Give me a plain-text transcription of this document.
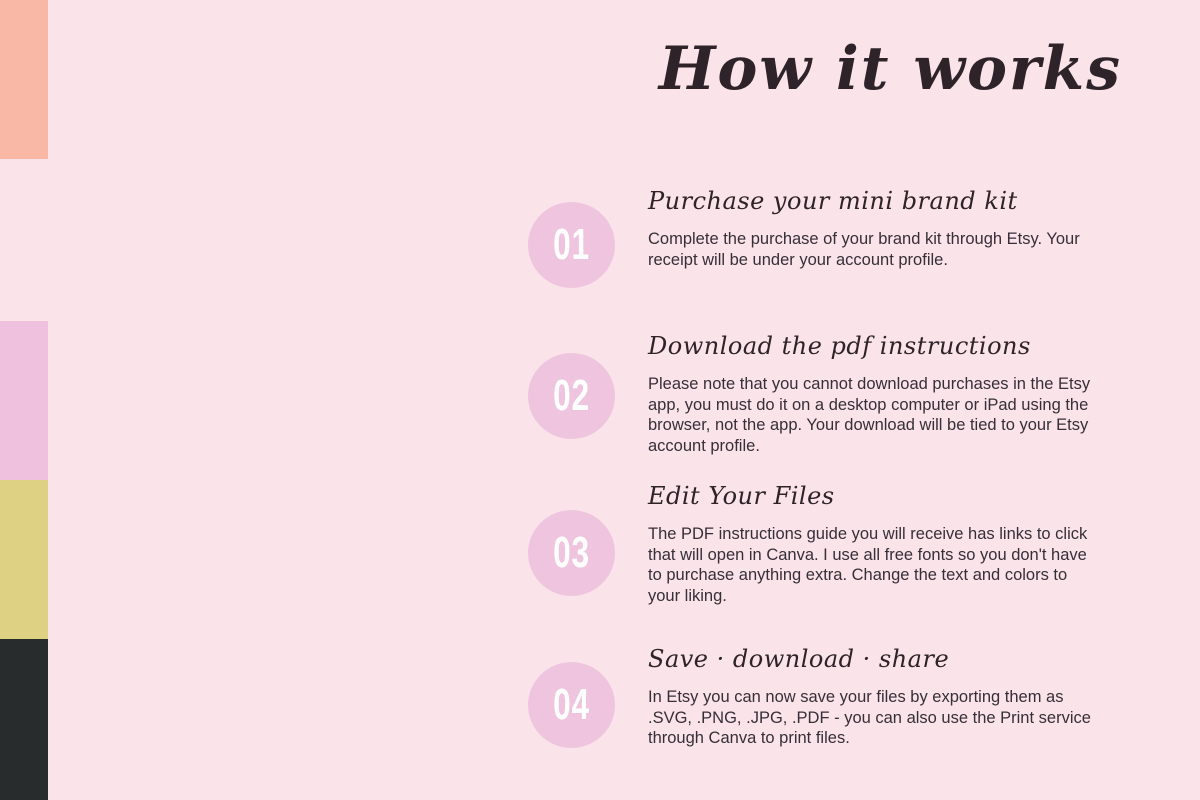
How it works
01
Purchase your mini brand kit

Complete the purchase of your brand kit through Etsy. Your receipt will be under your account profile.

02
Download the pdf instructions

Please note that you cannot download purchases in the Etsy app, you must do it on a desktop computer or iPad using the browser, not the app. Your download will be tied to your Etsy account profile.

03
Edit Your Files

The PDF instructions guide you will receive has links to click that will open in Canva. I use all free fonts so you don't have to purchase anything extra. Change the text and colors to your liking.

04
Save · download · share

In Etsy you can now save your files by exporting them as .SVG, .PNG, .JPG, .PDF - you can also use the Print service through Canva to print files.
